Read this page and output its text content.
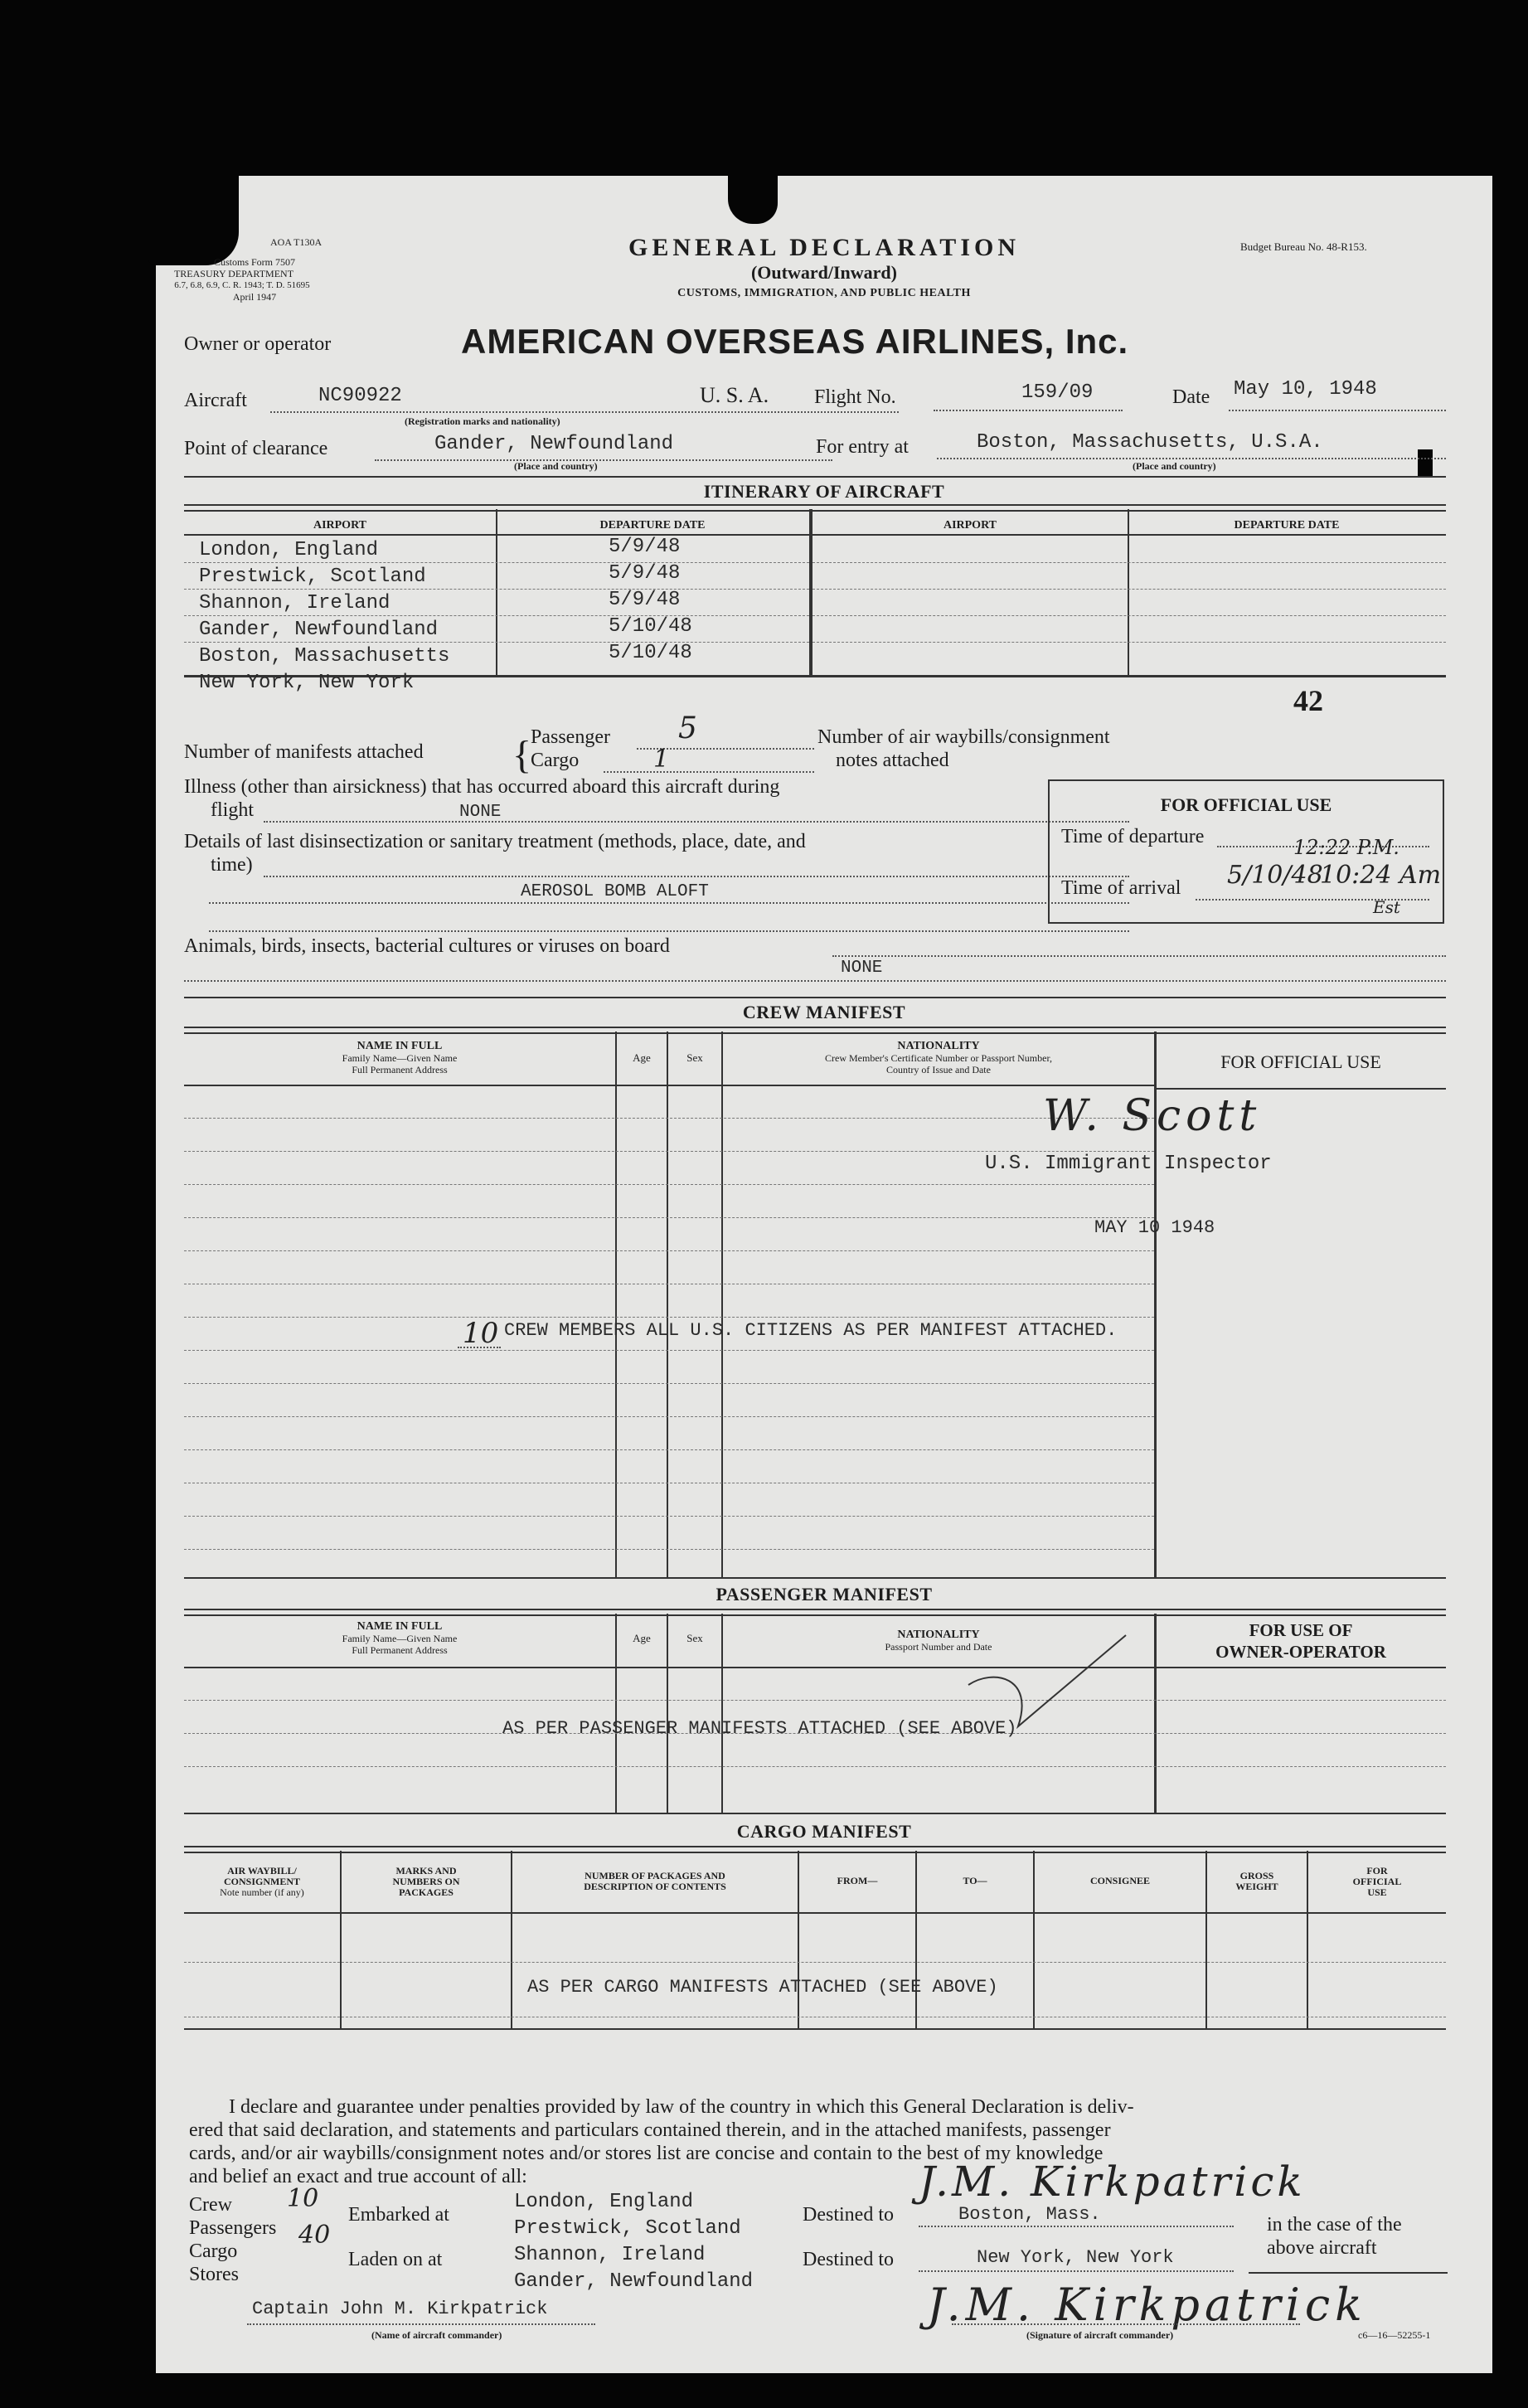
AOA T130A
Customs Form 7507
TREASURY DEPARTMENT
6.7, 6.8, 6.9, C. R. 1943; T. D. 51695
April 1947
Budget Bureau No. 48-R153.
GENERAL DECLARATION
(Outward/Inward)
CUSTOMS, IMMIGRATION, AND PUBLIC HEALTH
Owner or operator	AMERICAN OVERSEAS AIRLINES, Inc.
Aircraft	NC90922	U. S. A.
(Registration marks and nationality)
Flight No.	159/09	Date May 10, 1948
Point of clearance	Gander, Newfoundland
(Place and country)
For entry at	Boston, Massachusetts, U.S.A.
(Place and country)
ITINERARY OF AIRCRAFT
AIRPORT	DEPARTURE DATE	AIRPORT	DEPARTURE DATE
London, England	5/9/48
Prestwick, Scotland	5/9/48
Shannon, Ireland	5/9/48
Gander, Newfoundland	5/10/48
Boston, Massachusetts	5/10/48
New York, New York
42
Number of manifests attached {
Passenger 5
Cargo	1
Number of air waybills/consignment
notes attached
Illness (other than airsickness) that has occurred aboard this aircraft during
flight	NONE
Details of last disinsectization or sanitary treatment (methods, place, date, and
time)
AEROSOL BOMB ALOFT
FOR OFFICIAL USE
Time of departure
Time of arrival
12:22 P.M.
5/10/48
10:24 Am
Est
Animals, birds, insects, bacterial cultures or viruses on board
NONE
CREW MANIFEST
NAME IN FULL
Family Name—Given Name
Full Permanent Address
Age	Sex
NATIONALITY
Crew Member's Certificate Number or Passport Number,
Country of Issue and Date	FOR OFFICIAL USE
W. Scott
U.S. Immigrant Inspector
MAY 10 1948
10 CREW MEMBERS ALL U.S. CITIZENS AS PER MANIFEST ATTACHED.
PASSENGER MANIFEST
NAME IN FULL
Family Name—Given Name
Full Permanent Address
Age	Sex	NATIONALITY
Passport Number and Date
FOR USE OF
OWNER-OPERATOR
AS PER PASSENGER MANIFESTS ATTACHED (SEE ABOVE)
CARGO MANIFEST
AIR WAYBILL/
CONSIGNMENT
Note number (if any)
MARKS AND
NUMBERS ON
PACKAGES
NUMBER OF PACKAGES AND
DESCRIPTION OF CONTENTS	FROM—	TO—	CONSIGNEE	GROSS
WEIGHT
FOR
OFFICIAL
USE
AS PER CARGO MANIFESTS ATTACHED (SEE ABOVE)
I declare and guarantee under penalties provided by law of the country in which this General Declaration is deliv-
ered that said declaration, and statements and particulars contained therein, and in the attached manifests, passenger
cards, and/or air waybills/consignment notes and/or stores list are concise and contain to the best of my knowledge
and belief an exact and true account of all:
Crew 10
Passengers 40
Cargo
Stores
Embarked at
Laden on at
London, England
Prestwick, Scotland
Shannon, Ireland
Gander, Newfoundland
Destined to	Boston, Mass.
Destined to	New York, New York
in the case of the
above aircraft
J.M. Kirkpatrick
J.M. Kirkpatrick
Captain John M. Kirkpatrick
(Name of aircraft commander)	(Signature of aircraft commander)	c6—16—52255-1
